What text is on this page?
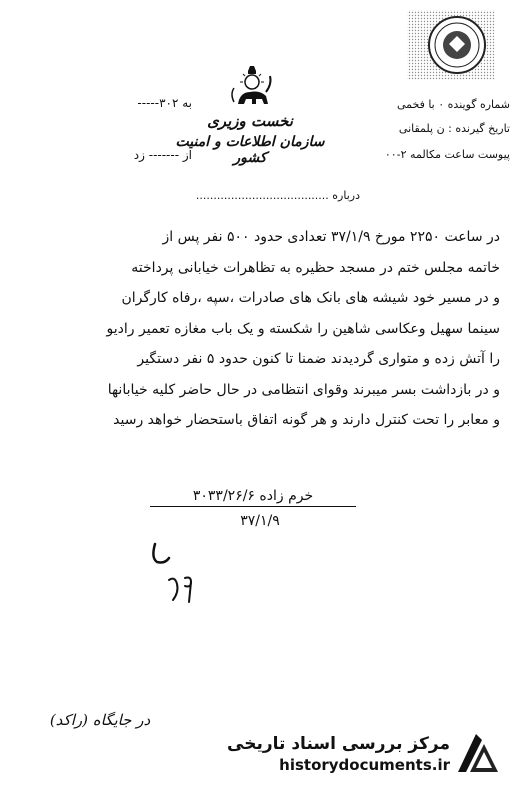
نخست وزیری
سازمان اطلاعات و امنیت کشور
شماره گوینده ۰ با فخمی
تاریخ گیرنده : ن پلمقانی
پیوست ساعت مکالمه ۲-۰۰
به ۳۰۲-----
از ------- زد
درباره ......................................
در ساعت ۲۲۵۰ مورخ ۳۷/۱/۹ تعدادی حدود ۵۰۰ نفر پس از
خاتمه مجلس ختم در مسجد حظیره به تظاهرات خیابانی پرداخته
و در مسیر خود شیشه های بانک های صادرات ،سپه ،رفاه کارگران
سینما سهیل وعکاسی شاهین را شکسته و یک باب مغازه تعمیر رادیو
را آتش زده و متواری گردیدند ضمنا تا کنون حدود ۵ نفر دستگیر
و در بازداشت بسر میبرند وقوای انتظامی در حال حاضر کلیه خیابانها
و معابر را تحت کنترل دارند و هر گونه اتفاق باستحضار خواهد رسید
خرم زاده ۳۰۳۳/۲۶/۶
۳۷/۱/۹
در جایگاه (راکد)
مرکز بررسی اسناد تاریخی
historydocuments.ir
